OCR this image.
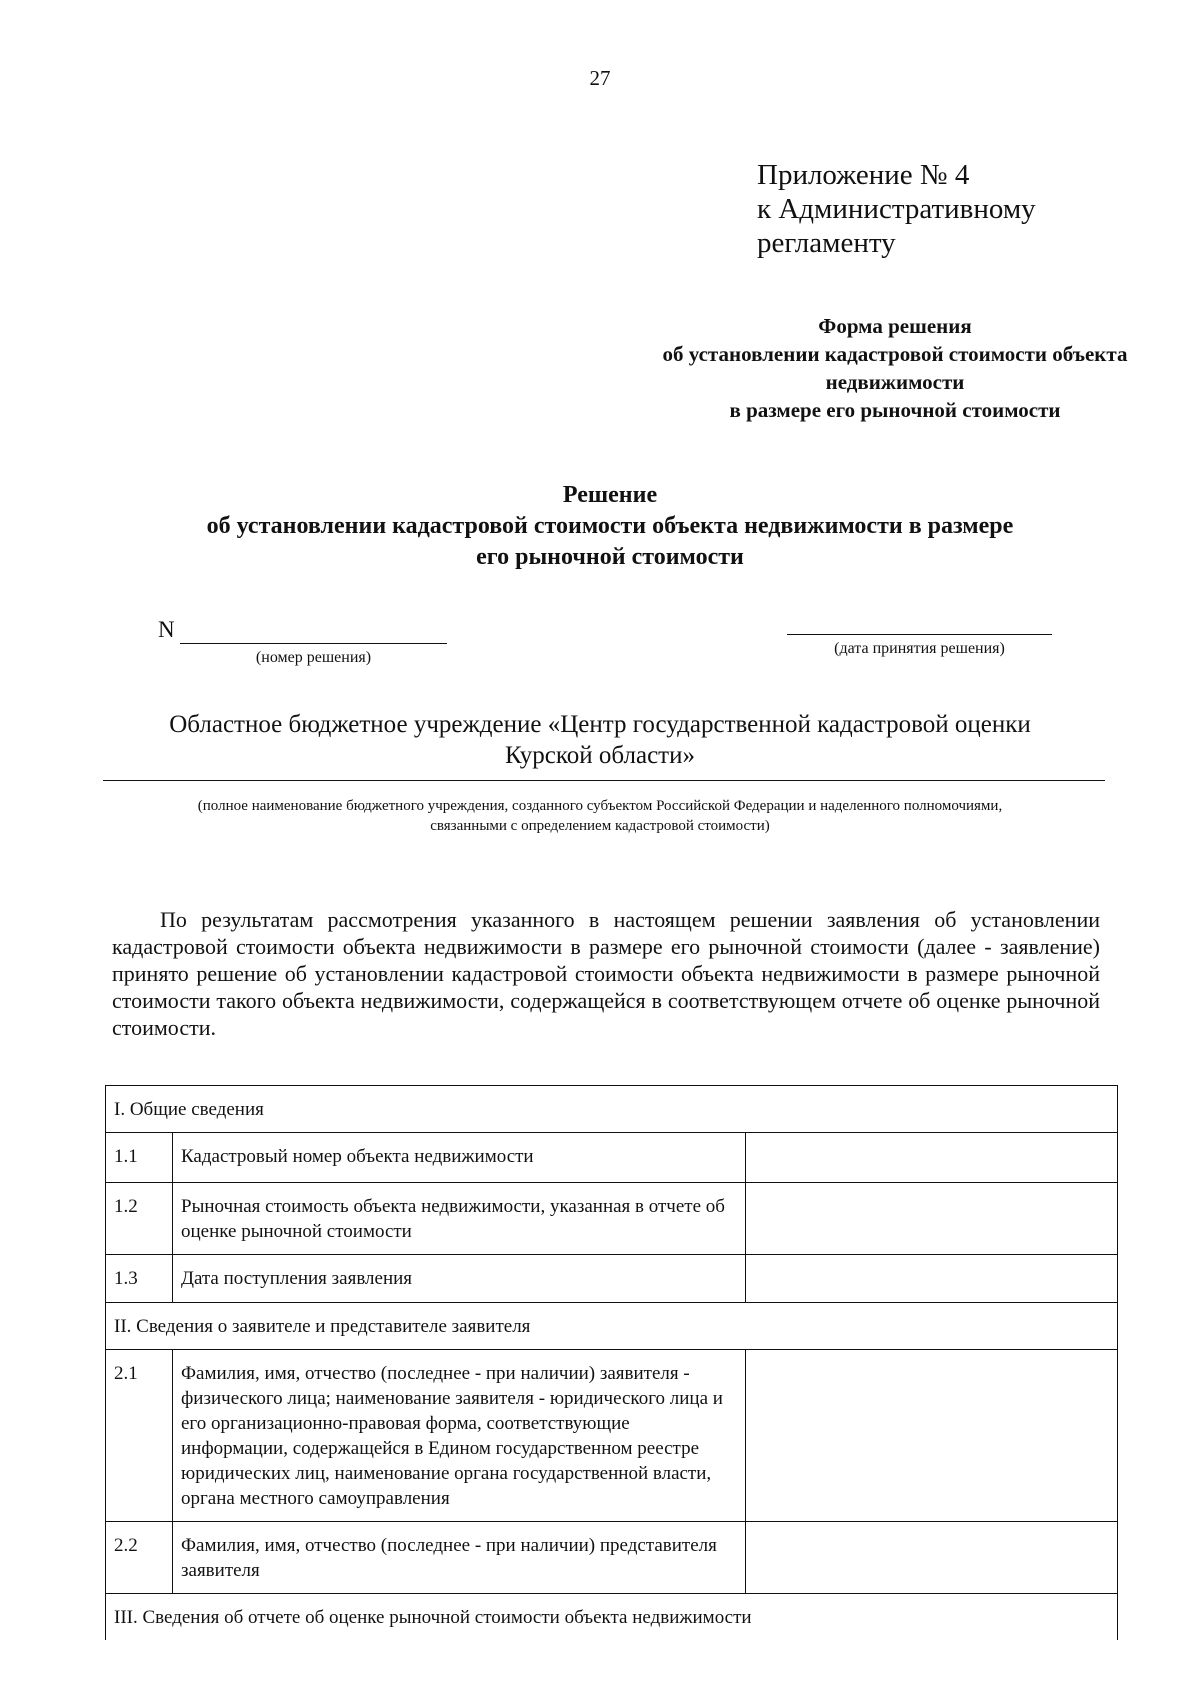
27
Приложение № 4
к Административному
регламенту
Форма решения
об установлении кадастровой стоимости объекта
недвижимости
в размере его рыночной стоимости
Решение
об установлении кадастровой стоимости объекта недвижимости в размере
его рыночной стоимости
N
(номер решения)
(дата принятия решения)
Областное бюджетное учреждение «Центр государственной кадастровой оценки
Курской области»
(полное наименование бюджетного учреждения, созданного субъектом Российской Федерации и наделенного полномочиями,
связанными с определением кадастровой стоимости)
По результатам рассмотрения указанного в настоящем решении заявления об установлении кадастровой стоимости объекта недвижимости в размере его рыночной стоимости (далее - заявление) принято решение об установлении кадастровой стоимости объекта недвижимости в размере рыночной стоимости такого объекта недвижимости, содержащейся в соответствующем отчете об оценке рыночной стоимости.
I. Общие сведения		
1.1	Кадастровый номер объекта недвижимости	
1.2	Рыночная стоимость объекта недвижимости, указанная в отчете об оценке рыночной стоимости	
1.3	Дата поступления заявления	
II. Сведения о заявителе и представителе заявителя		
2.1	Фамилия, имя, отчество (последнее - при наличии) заявителя - физического лица; наименование заявителя - юридического лица и его организационно-правовая форма, соответствующие информации, содержащейся в Едином государственном реестре юридических лиц, наименование органа государственной власти, органа местного самоуправления	
2.2	Фамилия, имя, отчество (последнее - при наличии) представителя заявителя	
III. Сведения об отчете об оценке рыночной стоимости объекта недвижимости		
